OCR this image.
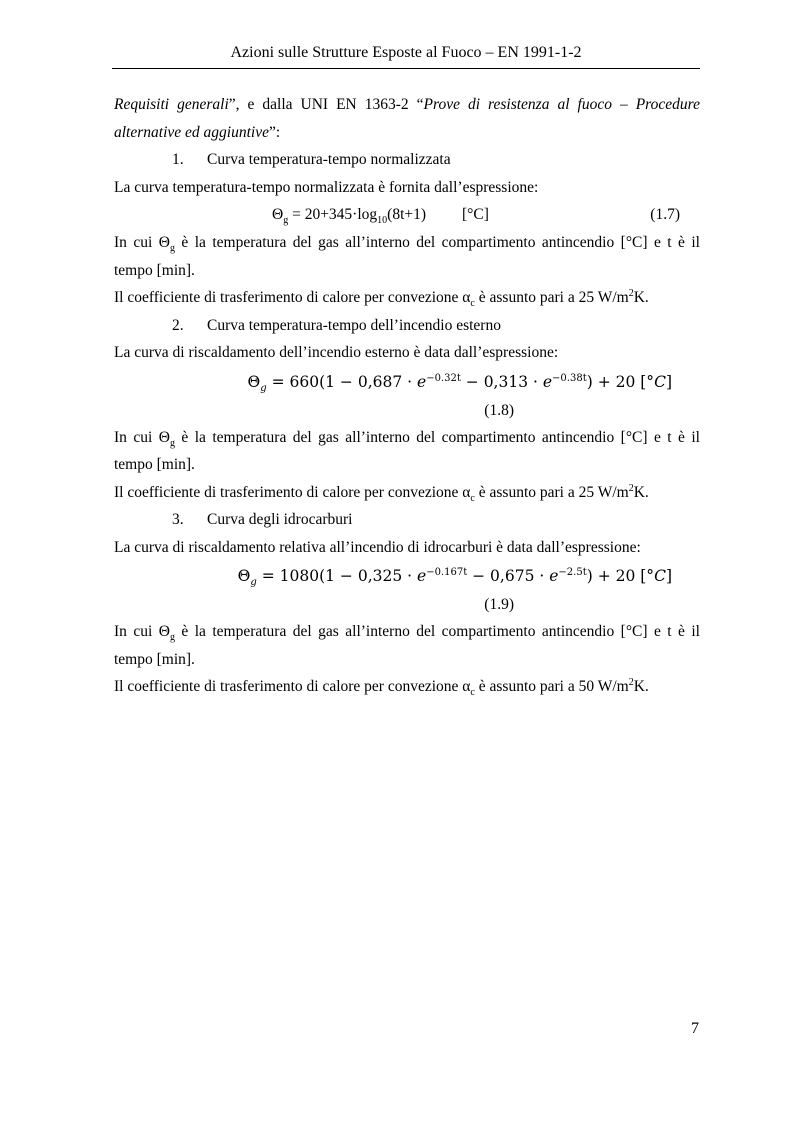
Azioni sulle Strutture Esposte al Fuoco – EN 1991-1-2

Requisiti generali”, e dalla UNI EN 1363-2 “Prove di resistenza al fuoco – Procedure

alternative ed aggiuntive”:

1. Curva temperatura-tempo normalizzata

La curva temperatura-tempo normalizzata è fornita dall’espressione:

$\Theta_g = 20+345\cdot\log_{10}(8t+1)$ [°C]	(1.7)

In cui $\Theta_g$ è la temperatura del gas all’interno del compartimento antincendio [°C] e t è il

tempo [min].

Il coefficiente di trasferimento di calore per convezione $\alpha_c$ è assunto pari a 25 $W/m^2K$.

2. Curva temperatura-tempo dell’incendio esterno

La curva di riscaldamento dell’incendio esterno è data dall’espressione:

$\Theta_g = 660(1 - 0,687 \cdot e^{-0.32t} - 0,313 \cdot e^{-0.38t}) + 20$ [°C]
(1.8)

In cui $\Theta_g$ è la temperatura del gas all’interno del compartimento antincendio [°C] e t è il

tempo [min].

Il coefficiente di trasferimento di calore per convezione $\alpha_c$ è assunto pari a 25 $W/m^2K$.

3. Curva degli idrocarburi

La curva di riscaldamento relativa all’incendio di idrocarburi è data dall’espressione:

$\Theta_g = 1080(1 - 0,325 \cdot e^{-0.167t} - 0,675 \cdot e^{-2.5t}) + 20$ [°C]
(1.9)

In cui $\Theta_g$ è la temperatura del gas all’interno del compartimento antincendio [°C] e t è il

tempo [min].

Il coefficiente di trasferimento di calore per convezione $\alpha_c$ è assunto pari a 50 $W/m^2K$.

7
